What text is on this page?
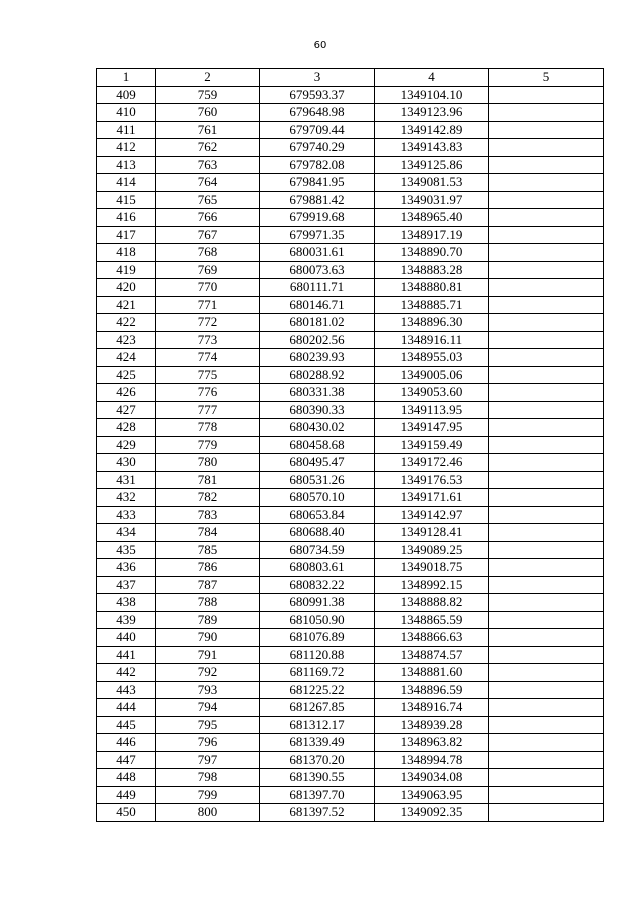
60
1	2	3	4	5
409	759	679593.37	1349104.10	
410	760	679648.98	1349123.96	
411	761	679709.44	1349142.89	
412	762	679740.29	1349143.83	
413	763	679782.08	1349125.86	
414	764	679841.95	1349081.53	
415	765	679881.42	1349031.97	
416	766	679919.68	1348965.40	
417	767	679971.35	1348917.19	
418	768	680031.61	1348890.70	
419	769	680073.63	1348883.28	
420	770	680111.71	1348880.81	
421	771	680146.71	1348885.71	
422	772	680181.02	1348896.30	
423	773	680202.56	1348916.11	
424	774	680239.93	1348955.03	
425	775	680288.92	1349005.06	
426	776	680331.38	1349053.60	
427	777	680390.33	1349113.95	
428	778	680430.02	1349147.95	
429	779	680458.68	1349159.49	
430	780	680495.47	1349172.46	
431	781	680531.26	1349176.53	
432	782	680570.10	1349171.61	
433	783	680653.84	1349142.97	
434	784	680688.40	1349128.41	
435	785	680734.59	1349089.25	
436	786	680803.61	1349018.75	
437	787	680832.22	1348992.15	
438	788	680991.38	1348888.82	
439	789	681050.90	1348865.59	
440	790	681076.89	1348866.63	
441	791	681120.88	1348874.57	
442	792	681169.72	1348881.60	
443	793	681225.22	1348896.59	
444	794	681267.85	1348916.74	
445	795	681312.17	1348939.28	
446	796	681339.49	1348963.82	
447	797	681370.20	1348994.78	
448	798	681390.55	1349034.08	
449	799	681397.70	1349063.95	
450	800	681397.52	1349092.35	
